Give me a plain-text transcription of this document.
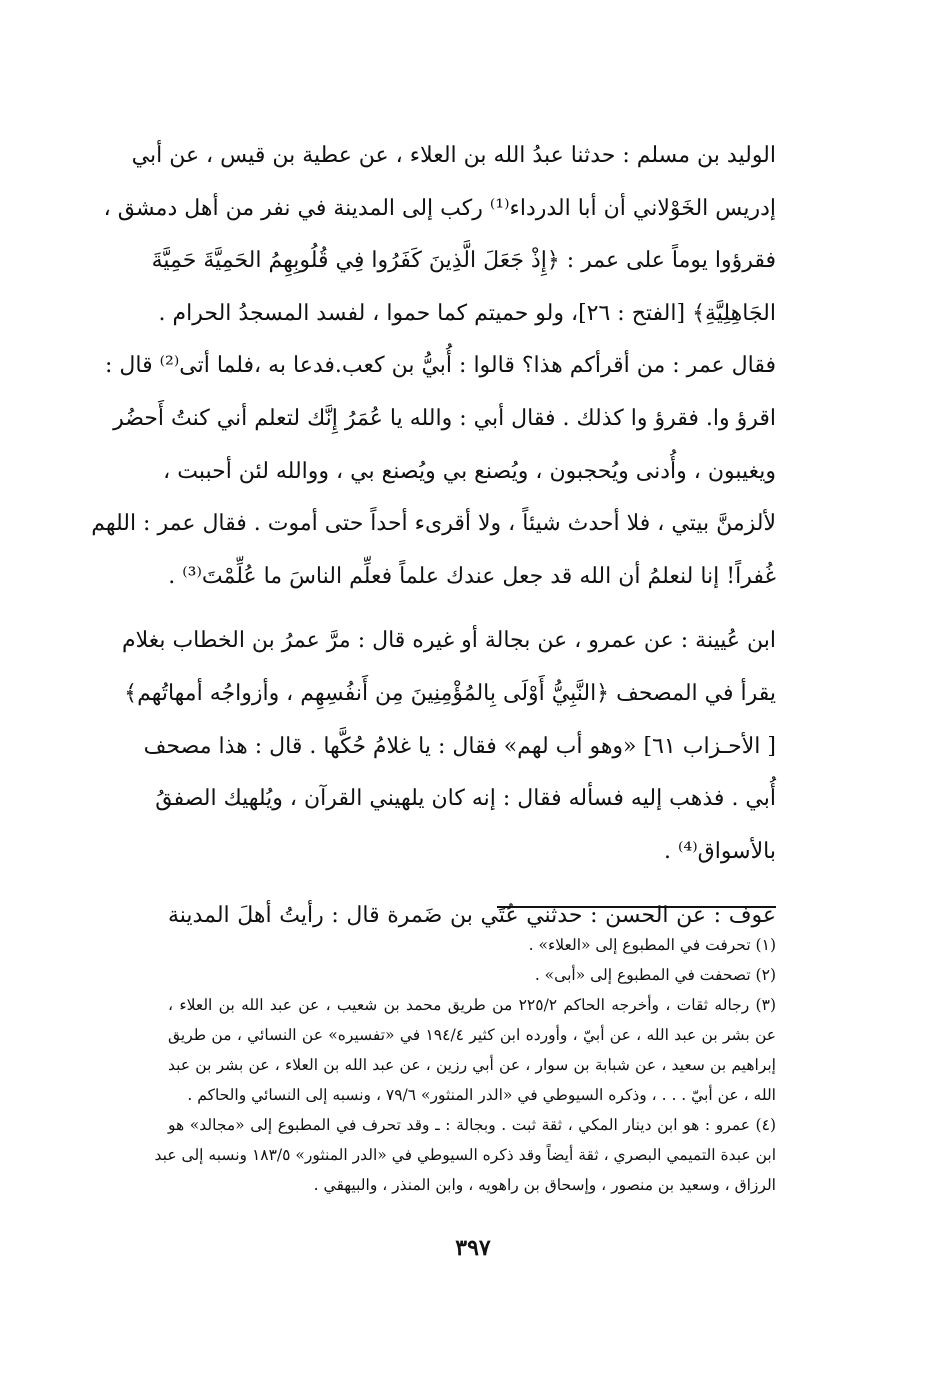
الوليد بن مسلم : حدثنا عبدُ الله بن العلاء ، عن عطية بن قيس ، عن أبي
إدريس الخَوْلاني أن أبا الدرداء⁽¹⁾ ركب إلى المدينة في نفر من أهل دمشق ،
فقرؤوا يوماً على عمر : ﴿إِذْ جَعَلَ الَّذِينَ كَفَرُوا فِي قُلُوبِهِمُ الحَمِيَّةَ حَمِيَّةَ
الجَاهِلِيَّةِ﴾ [الفتح : ٢٦]، ولو حميتم كما حموا ، لفسد المسجدُ الحرام .
فقال عمر : من أقرأكم هذا؟ قالوا : أُبيُّ بن كعب.فدعا به ،فلما أتى⁽²⁾ قال :
اقرؤ وا. فقرؤ وا كذلك . فقال أبي : والله يا عُمَرُ إِنَّك لتعلم أني كنتُ أَحضُر
ويغيبون ، وأُدنى ويُحجبون ، ويُصنع بي ويُصنع بي ، ووالله لئن أحببت ،
لألزمنَّ بيتي ، فلا أحدث شيئاً ، ولا أقرىء أحداً حتى أموت . فقال عمر : اللهم
غُفراً! إنا لنعلمُ أن الله قد جعل عندك علماً فعلِّم الناسَ ما عُلِّمْتَ⁽³⁾ .
ابن عُيينة : عن عمرو ، عن بجالة أو غيره قال : مرَّ عمرُ بن الخطاب بغلام
يقرأ في المصحف ﴿النَّبِيُّ أَوْلَى بِالمُؤْمِنِينَ مِن أَنفُسِهِم ، وأزواجُه أمهاتُهم﴾
[ الأحـزاب ٦١] «وهو أب لهم» فقال : يا غلامُ حُكَّها . قال : هذا مصحف
أُبي . فذهب إليه فسأله فقال : إنه كان يلهيني القرآن ، ويُلهيك الصفقُ
بالأسواق⁽⁴⁾ .
عوف : عن الحسن : حدثني عُتَي بن ضَمرة قال : رأيتُ أهلَ المدينة
(١) تحرفت في المطبوع إلى «العلاء» .
(٢) تصحفت في المطبوع إلى «أبى» .
(٣) رجاله ثقات ، وأخرجه الحاكم ٢٢٥/٢ من طريق محمد بن شعيب ، عن عبد الله بن العلاء ،
عن بشر بن عبد الله ، عن أبيّ ، وأورده ابن كثير ١٩٤/٤ في «تفسيره» عن النسائي ، من طريق
إبراهيم بن سعيد ، عن شبابة بن سوار ، عن أبي رزين ، عن عبد الله بن العلاء ، عن بشر بن عبد
الله ، عن أبيّ . . . ، وذكره السيوطي في «الدر المنثور» ٧٩/٦ ، ونسبه إلى النسائي والحاكم .
(٤) عمرو : هو ابن دينار المكي ، ثقة ثبت . وبجالة : ـ وقد تحرف في المطبوع إلى «مجالد» هو
ابن عبدة التميمي البصري ، ثقة أيضاً وقد ذكره السيوطي في «الدر المنثور» ١٨٣/٥ ونسبه إلى عبد
الرزاق ، وسعيد بن منصور ، وإسحاق بن راهويه ، وابن المنذر ، والبيهقي .
٣٩٧
